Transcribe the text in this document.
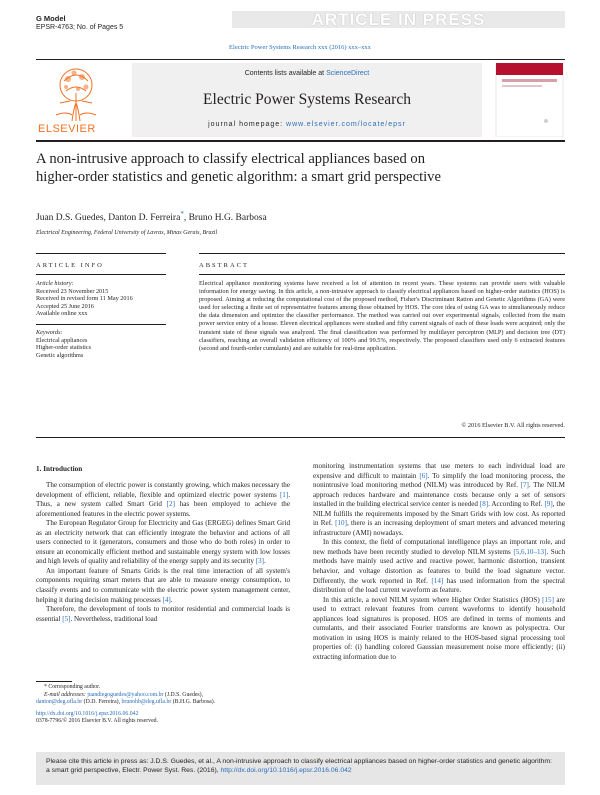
G Model
EPSR-4763; No. of Pages 5	ARTICLE IN PRESS
Electric Power Systems Research xxx (2016) xxx–xxx
ELSEVIER
Contents lists available at ScienceDirect
Electric Power Systems Research
journal homepage: www.elsevier.com/locate/epsr
A non-intrusive approach to classify electrical appliances based on
higher-order statistics and genetic algorithm: a smart grid perspective
Juan D.S. Guedes, Danton D. Ferreira*, Bruno H.G. Barbosa
Electrical Engineering, Federal University of Lavras, Minas Gerais, Brazil
ARTICLE INFO	ABSTRACT
Article history:
Received 23 November 2015
Received in revised form 11 May 2016
Accepted 25 June 2016
Available online xxx
Keywords:
Electrical appliances
Higher-order statistics
Genetic algorithms
Electrical appliance monitoring systems have received a lot of attention in recent years. These systems can provide users with valuable information for energy saving. In this article, a non-intrusive approach to classify electrical appliances based on higher-order statistics (HOS) is proposed. Aiming at reducing the computational cost of the proposed method, Fisher's Discriminant Ration and Genetic Algorithms (GA) were used for selecting a finite set of representative features among those obtained by HOS. The core idea of using GA was to simultaneously reduce the data dimension and optimize the classifier performance. The method was carried out over experimental signals, collected from the main power service entry of a house. Eleven electrical appliances were studied and fifty current signals of each of these loads were acquired; only the transient state of these signals was analyzed. The final classification was performed by multilayer perceptron (MLP) and decision tree (DT) classifiers, reaching an overall validation efficiency of 100% and 99.5%, respectively. The proposed classifiers used only 6 extracted features (second and fourth-order cumulants) and are suitable for real-time application.
© 2016 Elsevier B.V. All rights reserved.
1. Introduction

The consumption of electric power is constantly growing, which makes necessary the development of efficient, reliable, flexible and optimized electric power systems [1]. Thus, a new system called Smart Grid [2] has been employed to achieve the aforementioned features in the electric power systems.

The European Regulator Group for Electricity and Gas (ERGEG) defines Smart Grid as an electricity network that can efficiently integrate the behavior and actions of all users connected to it (generators, consumers and those who do both roles) in order to ensure an economically efficient method and sustainable energy system with low losses and high levels of quality and reliability of the energy supply and its security [3].

An important feature of Smarts Grids is the real time interaction of all system's components requiring smart meters that are able to measure energy consumption, to classify events and to communicate with the electric power system management center, helping it during decision making processes [4].

Therefore, the development of tools to monitor residential and commercial loads is essential [5]. Nevertheless, traditional load

monitoring instrumentation systems that use meters to each individual load are expensive and difficult to maintain [6]. To simplify the load monitoring process, the nonintrusive load monitoring method (NILM) was introduced by Ref. [7]. The NILM approach reduces hardware and maintenance costs because only a set of sensors installed in the building electrical service center is needed [8]. According to Ref. [9], the NILM fulfills the requirements imposed by the Smart Grids with low cost. As reported in Ref. [10], there is an increasing deployment of smart meters and advanced metering infrastructure (AMI) nowadays.

In this context, the field of computational intelligence plays an important role, and new methods have been recently studied to develop NILM systems [5,6,10–13]. Such methods have mainly used active and reactive power, harmonic distortion, transient behavior, and voltage distortion as features to build the load signature vector. Differently, the work reported in Ref. [14] has used information from the spectral distribution of the load current waveform as feature.

In this article, a novel NILM system where Higher Order Statistics (HOS) [15] are used to extract relevant features from current waveforms to identify household appliances load signatures is proposed. HOS are defined in terms of moments and cumulants, and their associated Fourier transforms are known as polyspectra. Our motivation in using HOS is mainly related to the HOS-based signal processing tool properties of: (i) handling colored Gaussian measurement noise more efficiently; (ii) extracting information due to

* Corresponding author.
E-mail addresses: juandiegoguedes@yahoo.com.br (J.D.S. Guedes),
danton@deg.ufla.br (D.D. Ferreira), brunohb@deg.ufla.br (B.H.G. Barbosa).
http://dx.doi.org/10.1016/j.epsr.2016.06.042
0378-7796/© 2016 Elsevier B.V. All rights reserved.
Please cite this article in press as: J.D.S. Guedes, et al., A non-intrusive approach to classify electrical appliances based on higher-order statistics and genetic algorithm: a smart grid perspective, Electr. Power Syst. Res. (2016), http://dx.doi.org/10.1016/j.epsr.2016.06.042
